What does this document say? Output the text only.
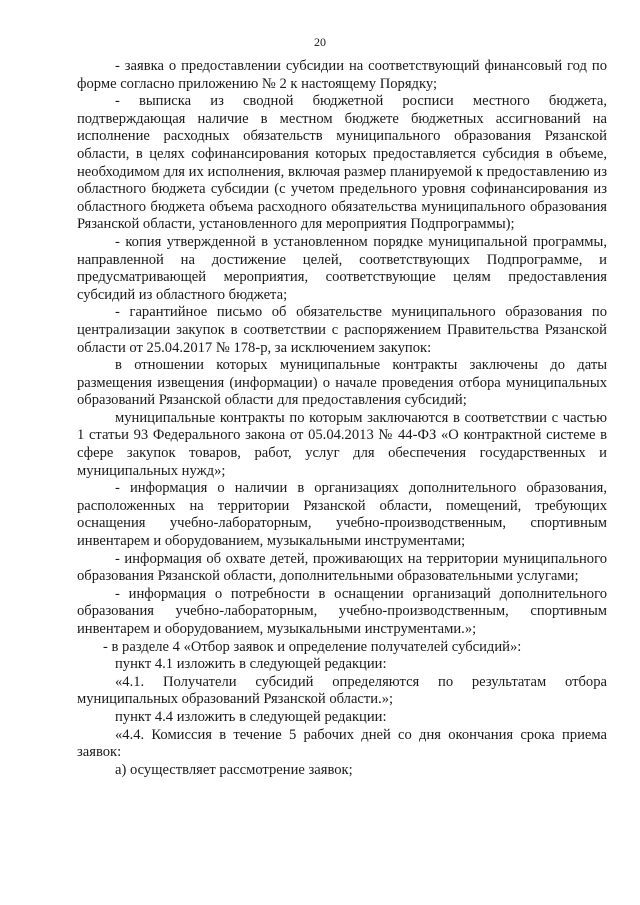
20

- заявка о предоставлении субсидии на соответствующий финансовый год по форме согласно приложению № 2 к настоящему Порядку;

- выписка из сводной бюджетной росписи местного бюджета, подтверждающая наличие в местном бюджете бюджетных ассигнований на исполнение расходных обязательств муниципального образования Рязанской области, в целях софинансирования которых предоставляется субсидия в объеме, необходимом для их исполнения, включая размер планируемой к предоставлению из областного бюджета субсидии (с учетом предельного уровня софинансирования из областного бюджета объема расходного обязательства муниципального образования Рязанской области, установленного для мероприятия Подпрограммы);

- копия утвержденной в установленном порядке муниципальной программы, направленной на достижение целей, соответствующих Подпрограмме, и предусматривающей мероприятия, соответствующие целям предоставления субсидий из областного бюджета;

- гарантийное письмо об обязательстве муниципального образования по централизации закупок в соответствии с распоряжением Правительства Рязанской области от 25.04.2017 № 178-р, за исключением закупок:

в отношении которых муниципальные контракты заключены до даты размещения извещения (информации) о начале проведения отбора муниципальных образований Рязанской области для предоставления субсидий;

муниципальные контракты по которым заключаются в соответствии с частью 1 статьи 93 Федерального закона от 05.04.2013 № 44-ФЗ «О контрактной системе в сфере закупок товаров, работ, услуг для обеспечения государственных и муниципальных нужд»;

- информация о наличии в организациях дополнительного образования, расположенных на территории Рязанской области, помещений, требующих оснащения учебно-лабораторным, учебно-производственным, спортивным инвентарем и оборудованием, музыкальными инструментами;

- информация об охвате детей, проживающих на территории муниципального образования Рязанской области, дополнительными образовательными услугами;

- информация о потребности в оснащении организаций дополнительного образования учебно-лабораторным, учебно-производственным, спортивным инвентарем и оборудованием, музыкальными инструментами.»;

- в разделе 4 «Отбор заявок и определение получателей субсидий»:

пункт 4.1 изложить в следующей редакции:

«4.1. Получатели субсидий определяются по результатам отбора муниципальных образований Рязанской области.»;

пункт 4.4 изложить в следующей редакции:

«4.4. Комиссия в течение 5 рабочих дней со дня окончания срока приема заявок:

а) осуществляет рассмотрение заявок;
